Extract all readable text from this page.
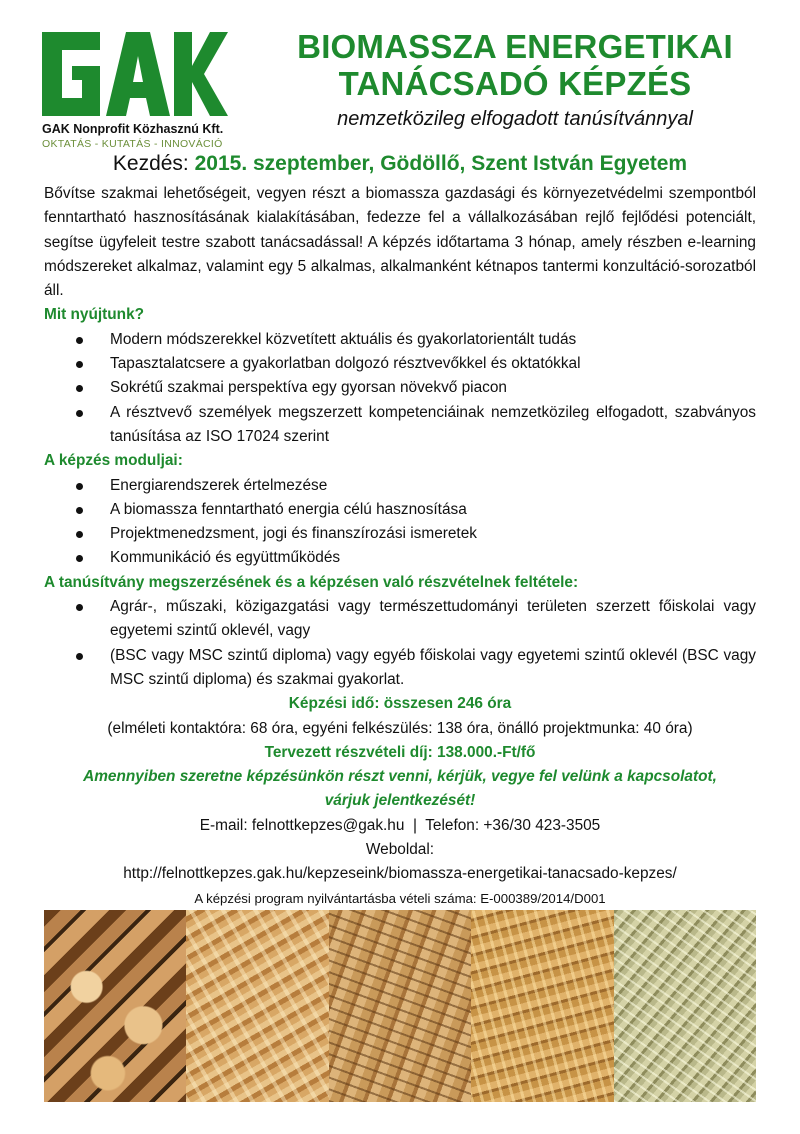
GAK Nonprofit Közhasznú Kft.
OKTATÁS - KUTATÁS - INNOVÁCIÓ
BIOMASSZA ENERGETIKAI
TANÁCSADÓ KÉPZÉS
nemzetközileg elfogadott tanúsítvánnyal
Kezdés: 2015. szeptember, Gödöllő, Szent István Egyetem

Bővítse szakmai lehetőségeit, vegyen részt a biomassza gazdasági és környezetvédelmi szempontból fenntartható hasznosításának kialakításában, fedezze fel a vállalkozásában rejlő fejlődési potenciált, segítse ügyfeleit testre szabott tanácsadással! A képzés időtartama 3 hónap, amely részben e-learning módszereket alkalmaz, valamint egy 5 alkalmas, alkalmanként kétnapos tantermi konzultáció-sorozatból áll.

Mit nyújtunk?
Modern módszerekkel közvetített aktuális és gyakorlatorientált tudás
Tapasztalatcsere a gyakorlatban dolgozó résztvevőkkel és oktatókkal
Sokrétű szakmai perspektíva egy gyorsan növekvő piacon
A résztvevő személyek megszerzett kompetenciáinak nemzetközileg elfogadott, szabványos tanúsítása az ISO 17024 szerint
A képzés moduljai:
Energiarendszerek értelmezése
A biomassza fenntartható energia célú hasznosítása
Projektmenedzsment, jogi és finanszírozási ismeretek
Kommunikáció és együttműködés
A tanúsítvány megszerzésének és a képzésen való részvételnek feltétele:
Agrár-, műszaki, közigazgatási vagy természettudományi területen szerzett főiskolai vagy egyetemi szintű oklevél, vagy
(BSC vagy MSC szintű diploma) vagy egyéb főiskolai vagy egyetemi szintű oklevél (BSC vagy MSC szintű diploma) és szakmai gyakorlat.
Képzési idő: összesen 246 óra
(elméleti kontaktóra: 68 óra, egyéni felkészülés: 138 óra, önálló projektmunka: 40 óra)
Tervezett részvételi díj: 138.000.-Ft/fő
Amennyiben szeretne képzésünkön részt venni, kérjük, vegye fel velünk a kapcsolatot,
várjuk jelentkezését!
E-mail: felnottkepzes@gak.hu  |  Telefon: +36/30 423-3505
Weboldal:
http://felnottkepzes.gak.hu/kepzeseink/biomassza-energetikai-tanacsado-kepzes/
A képzési program nyilvántartásba vételi száma: E-000389/2014/D001
